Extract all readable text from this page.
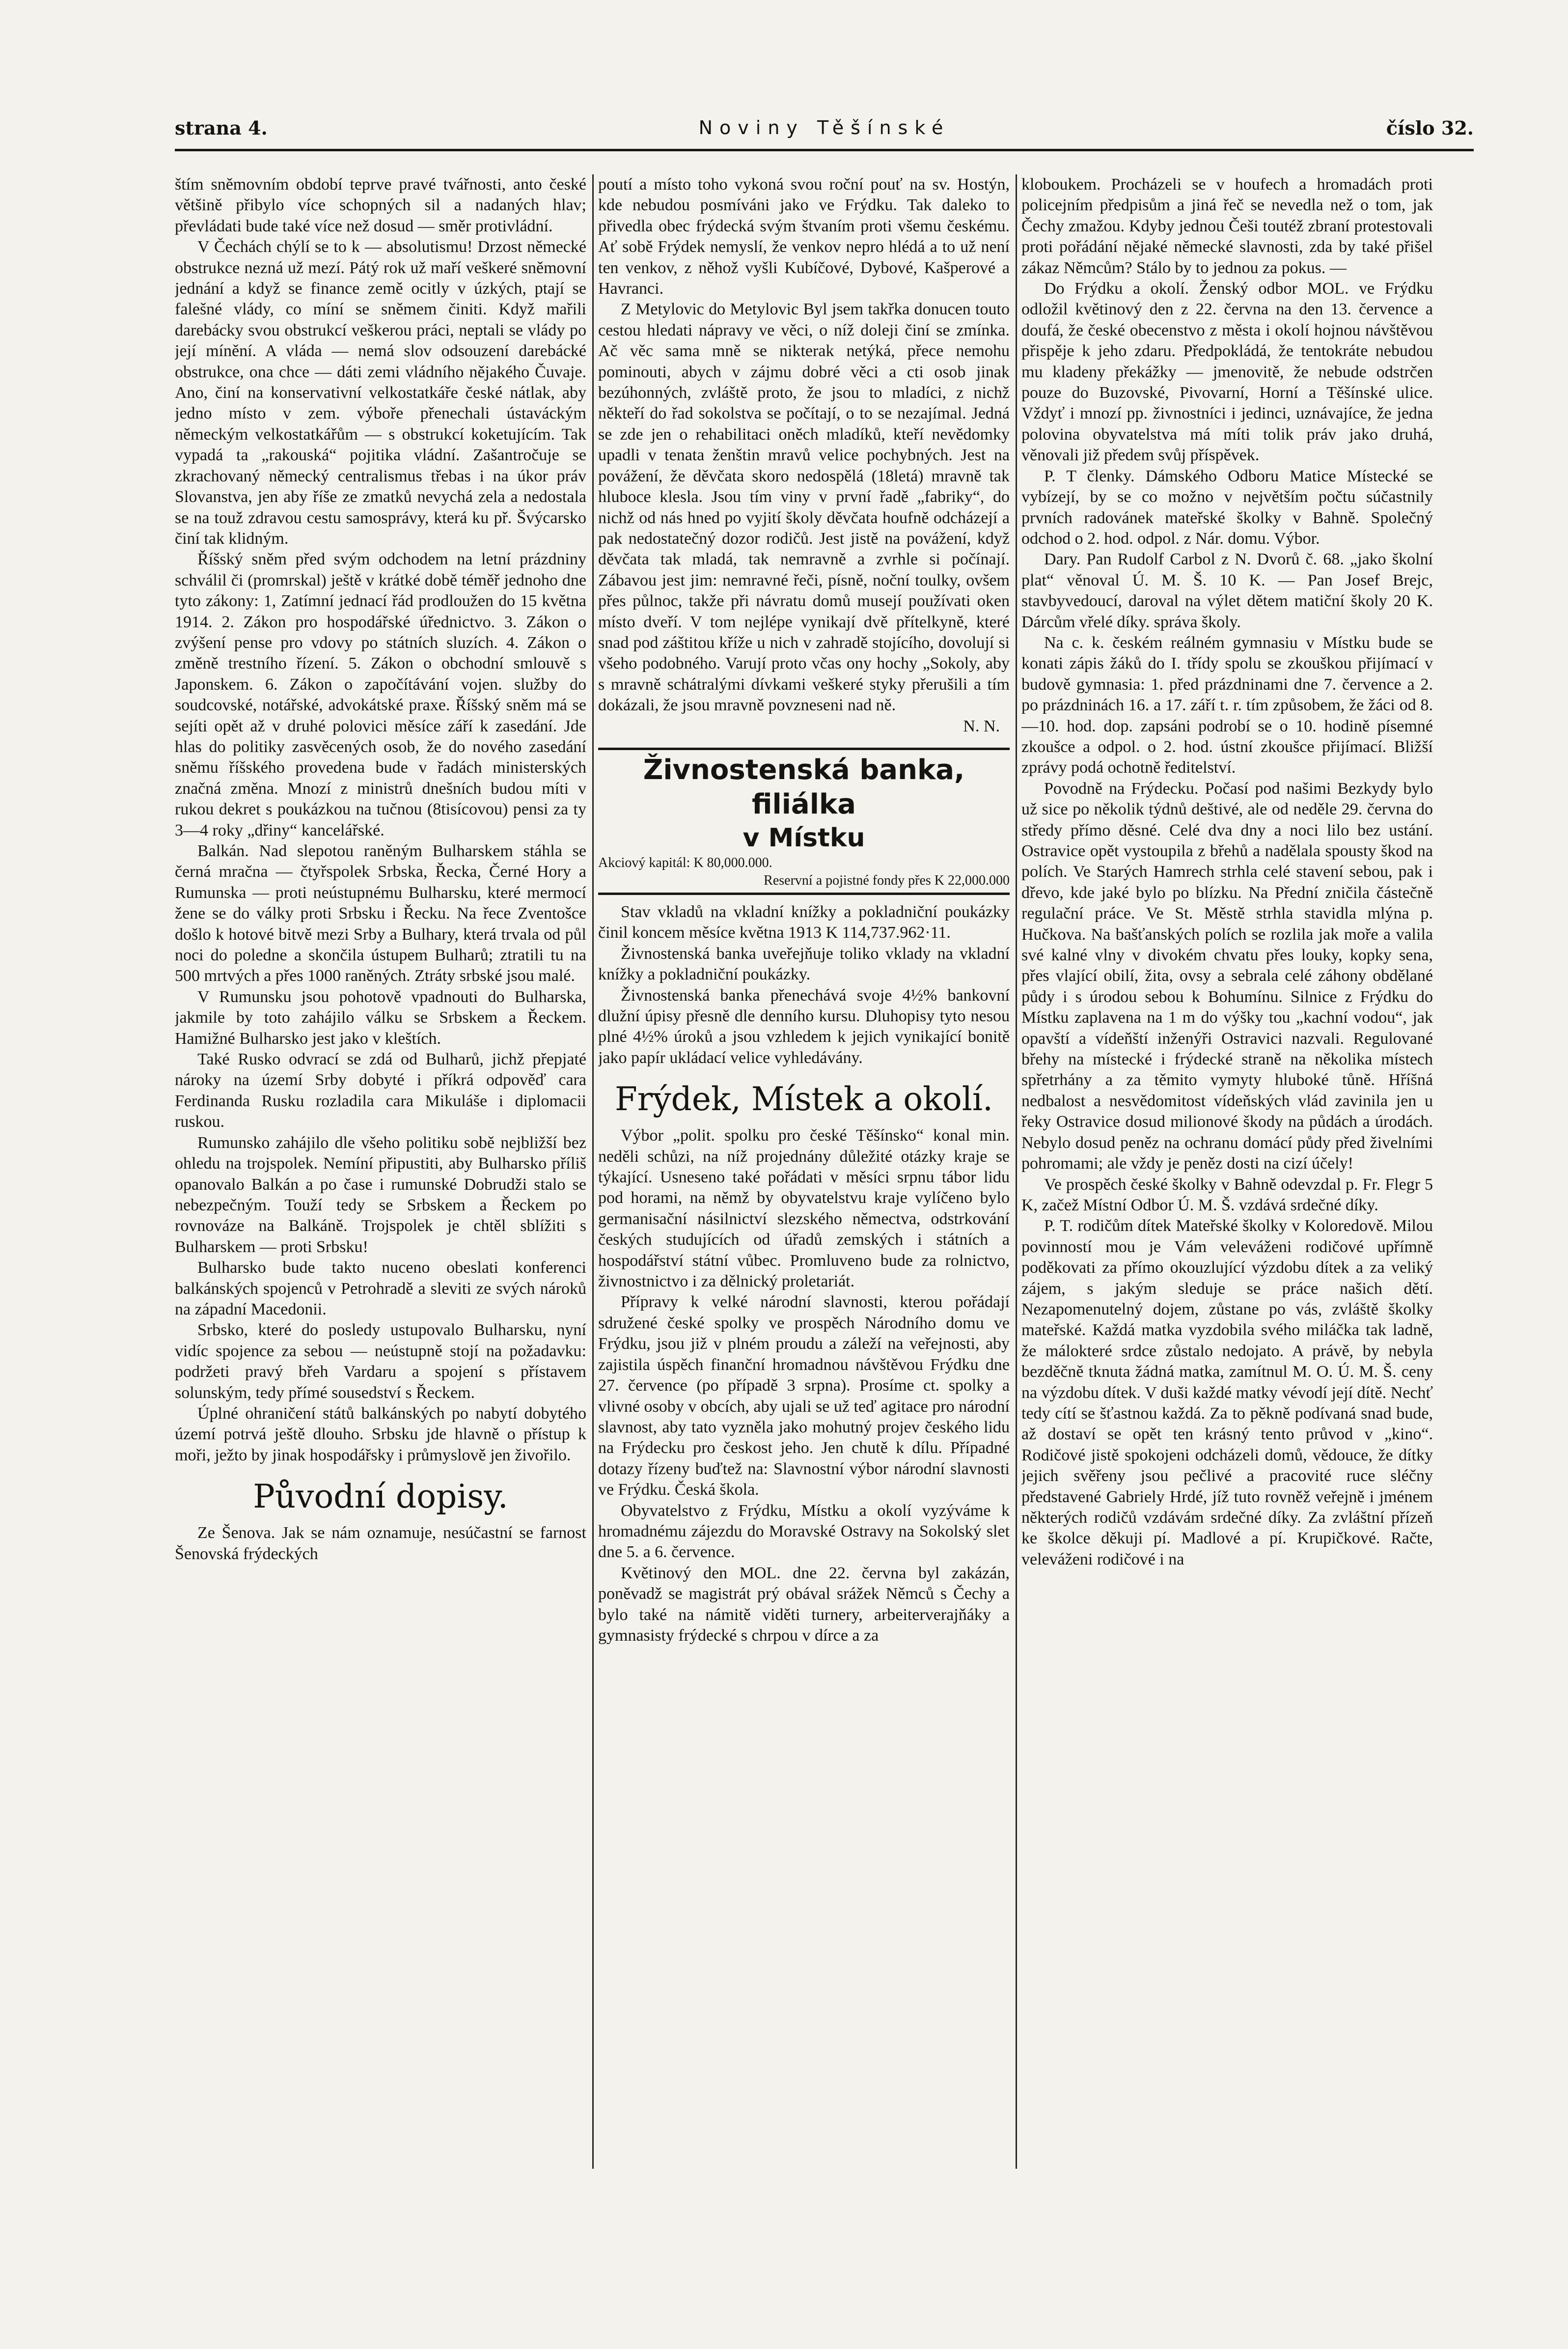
strana 4.	Noviny Těšínské	číslo 32.

štím sněmovním období teprve pravé tvářnosti, anto české většině přibylo více schopných sil a nadaných hlav; převládati bude také více než dosud — směr protivládní.

V Čechách chýlí se to k — absolutismu! Drzost německé obstrukce nezná už mezí. Pátý rok už maří veškeré sněmovní jednání a když se finance země ocitly v úzkých, ptají se falešné vlády, co míní se sněmem činiti. Když mařili darebácky svou obstrukcí veškerou práci, neptali se vlády po její mínění. A vláda — nemá slov odsouzení darebácké obstrukce, ona chce — dáti zemi vládního nějakého Čuvaje. Ano, činí na konservativní velkostatkáře české nátlak, aby jedno místo v zem. výboře přenechali ústaváckým německým velkostatkářům — s obstrukcí koketujícím. Tak vypadá ta „rakouská“ pojitika vládní. Zašantročuje se zkrachovaný německý centralismus třebas i na úkor práv Slovanstva, jen aby říše ze zmatků nevychá zela a nedostala se na touž zdravou cestu samosprávy, která ku př. Švýcarsko činí tak klidným.

Říšský sněm před svým odchodem na letní prázdniny schválil či (promrskal) ještě v krátké době téměř jednoho dne tyto zákony: 1, Zatímní jednací řád prodloužen do 15 května 1914. 2. Zákon pro hospodářské úřednictvo. 3. Zákon o zvýšení pense pro vdovy po státních sluzích. 4. Zákon o změně trestního řízení. 5. Zákon o obchodní smlouvě s Japonskem. 6. Zákon o započítávání vojen. služby do soudcovské, notářské, advokátské praxe. Říšský sněm má se sejíti opět až v druhé polovici měsíce září k zasedání. Jde hlas do politiky zasvěcených osob, že do nového zasedání sněmu říšského provedena bude v řadách ministerských značná změna. Mnozí z ministrů dnešních budou míti v rukou dekret s poukázkou na tučnou (8tisícovou) pensi za ty 3—4 roky „dřiny“ kancelářské.

Balkán. Nad slepotou raněným Bulharskem stáhla se černá mračna — čtyřspolek Srbska, Řecka, Černé Hory a Rumunska — proti neústupnému Bulharsku, které mermocí žene se do války proti Srbsku i Řecku. Na řece Zventošce došlo k hotové bitvě mezi Srby a Bulhary, která trvala od půl noci do poledne a skončila ústupem Bulharů; ztratili tu na 500 mrtvých a přes 1000 raněných. Ztráty srbské jsou malé.

V Rumunsku jsou pohotově vpadnouti do Bulharska, jakmile by toto zahájilo válku se Srbskem a Řeckem. Hamižné Bulharsko jest jako v kleštích.

Také Rusko odvrací se zdá od Bulharů, jichž přepjaté nároky na území Srby dobyté i příkrá odpověď cara Ferdinanda Rusku rozladila cara Mikuláše i diplomacii ruskou.

Rumunsko zahájilo dle všeho politiku sobě nejbližší bez ohledu na trojspolek. Nemíní připustiti, aby Bulharsko příliš opanovalo Balkán a po čase i rumunské Dobrudži stalo se nebezpečným. Touží tedy se Srbskem a Řeckem po rovnováze na Balkáně. Trojspolek je chtěl sblížiti s Bulharskem — proti Srbsku!

Bulharsko bude takto nuceno obeslati konferenci balkánských spojenců v Petrohradě a sleviti ze svých nároků na západní Macedonii.

Srbsko, které do posledy ustupovalo Bulharsku, nyní vidíc spojence za sebou — neústupně stojí na požadavku: podržeti pravý břeh Vardaru a spojení s přístavem solunským, tedy přímé sousedství s Řeckem.

Úplné ohraničení států balkánských po nabytí dobytého území potrvá ještě dlouho. Srbsku jde hlavně o přístup k moři, ježto by jinak hospodářsky i průmyslově jen živořilo.

Původní dopisy.

Ze Šenova. Jak se nám oznamuje, nesúčastní se farnost Šenovská frýdeckých

poutí a místo toho vykoná svou roční pouť na sv. Hostýn, kde nebudou posmíváni jako ve Frýdku. Tak daleko to přivedla obec frýdecká svým štvaním proti všemu českému. Ať sobě Frýdek nemyslí, že venkov nepro hlédá a to už není ten venkov, z něhož vyšli Kubíčové, Dybové, Kašperové a Havranci.

Z Metylovic do Metylovic Byl jsem takřka donucen touto cestou hledati nápravy ve věci, o níž doleji činí se zmínka. Ač věc sama mně se nikterak netýká, přece nemohu pominouti, abych v zájmu dobré věci a cti osob jinak bezúhonných, zvláště proto, že jsou to mladíci, z nichž někteří do řad sokolstva se počítají, o to se nezajímal. Jedná se zde jen o rehabilitaci oněch mladíků, kteří nevědomky upadli v tenata ženštin mravů velice pochybných. Jest na povážení, že děvčata skoro nedospělá (18letá) mravně tak hluboce klesla. Jsou tím viny v první řadě „fabriky“, do nichž od nás hned po vyjití školy děvčata houfně odcházejí a pak nedostatečný dozor rodičů. Jest jistě na povážení, když děvčata tak mladá, tak nemravně a zvrhle si počínají. Zábavou jest jim: nemravné řeči, písně, noční toulky, ovšem přes půlnoc, takže při návratu domů musejí používati oken místo dveří. V tom nejlépe vynikají dvě přítelkyně, které snad pod záštitou kříže u nich v zahradě stojícího, dovolují si všeho podobného. Varují proto včas ony hochy „Sokoly, aby s mravně schátralými dívkami veškeré styky přerušili a tím dokázali, že jsou mravně povzneseni nad ně.

N. N.

Živnostenská banka, filiálka
v Místku
Akciový kapitál: K 80,000.000.
Reservní a pojistné fondy přes K 22,000.000

Stav vkladů na vkladní knížky a pokladniční poukázky činil koncem měsíce května 1913 K 114,737.962·11.

Živnostenská banka uveřejňuje toliko vklady na vkladní knížky a pokladniční poukázky.

Živnostenská banka přenechává svoje 4½% bankovní dlužní úpisy přesně dle denního kursu. Dluhopisy tyto nesou plné 4½% úroků a jsou vzhledem k jejich vynikající bonitě jako papír ukládací velice vyhledávány.

Frýdek, Místek a okolí.

Výbor „polit. spolku pro české Těšínsko“ konal min. neděli schůzi, na níž projednány důležité otázky kraje se týkající. Usneseno také pořádati v měsíci srpnu tábor lidu pod horami, na němž by obyvatelstvu kraje vylíčeno bylo germanisační násilnictví slezského němectva, odstrkování českých studujících od úřadů zemských i státních a hospodářství státní vůbec. Promluveno bude za rolnictvo, živnostnictvo i za dělnický proletariát.

Přípravy k velké národní slavnosti, kterou pořádají sdružené české spolky ve prospěch Národního domu ve Frýdku, jsou již v plném proudu a záleží na veřejnosti, aby zajistila úspěch finanční hromadnou návštěvou Frýdku dne 27. července (po případě 3 srpna). Prosíme ct. spolky a vlivné osoby v obcích, aby ujali se už teď agitace pro národní slavnost, aby tato vyzněla jako mohutný projev českého lidu na Frýdecku pro českost jeho. Jen chutě k dílu. Případné dotazy řízeny buďtež na: Slavnostní výbor národní slavnosti ve Frýdku. Česká škola.

Obyvatelstvo z Frýdku, Místku a okolí vyzýváme k hromadnému zájezdu do Moravské Ostravy na Sokolský slet dne 5. a 6. července.

Květinový den MOL. dne 22. června byl zakázán, poněvadž se magistrát prý obával srážek Němců s Čechy a bylo také na námitě viděti turnery, arbeiterverajňáky a gymnasisty frýdecké s chrpou v dírce a za

kloboukem. Procházeli se v houfech a hromadách proti policejním předpisům a jiná řeč se nevedla než o tom, jak Čechy zmažou. Kdyby jednou Češi toutéž zbraní protestovali proti pořádání nějaké německé slavnosti, zda by také přišel zákaz Němcům? Stálo by to jednou za pokus. —

Do Frýdku a okolí. Ženský odbor MOL. ve Frýdku odložil květinový den z 22. června na den 13. července a doufá, že české obecenstvo z města i okolí hojnou návštěvou přispěje k jeho zdaru. Předpokládá, že tentokráte nebudou mu kladeny překážky — jmenovitě, že nebude odstrčen pouze do Buzovské, Pivovarní, Horní a Těšínské ulice. Vždyť i mnozí pp. živnostníci i jedinci, uznávajíce, že jedna polovina obyvatelstva má míti tolik práv jako druhá, věnovali již předem svůj příspěvek.

P. T členky. Dámského Odboru Matice Místecké se vybízejí, by se co možno v největším počtu súčastnily prvních radovánek mateřské školky v Bahně. Společný odchod o 2. hod. odpol. z Nár. domu. Výbor.

Dary. Pan Rudolf Carbol z N. Dvorů č. 68. „jako školní plat“ věnoval Ú. M. Š. 10 K. — Pan Josef Brejc, stavbyvedoucí, daroval na výlet dětem matiční školy 20 K. Dárcům vřelé díky. správa školy.

Na c. k. českém reálném gymnasiu v Místku bude se konati zápis žáků do I. třídy spolu se zkouškou přijímací v budově gymnasia: 1. před prázdninami dne 7. července a 2. po prázdninách 16. a 17. září t. r. tím způsobem, že žáci od 8.—10. hod. dop. zapsáni podrobí se o 10. hodině písemné zkoušce a odpol. o 2. hod. ústní zkoušce přijímací. Bližší zprávy podá ochotně ředitelství.

Povodně na Frýdecku. Počasí pod našimi Bezkydy bylo už sice po několik týdnů deštivé, ale od neděle 29. června do středy přímo děsné. Celé dva dny a noci lilo bez ustání. Ostravice opět vystoupila z břehů a nadělala spousty škod na polích. Ve Starých Hamrech strhla celé stavení sebou, pak i dřevo, kde jaké bylo po blízku. Na Přední zničila částečně regulační práce. Ve St. Městě strhla stavidla mlýna p. Hučkova. Na bašťanských polích se rozlila jak moře a valila své kalné vlny v divokém chvatu přes louky, kopky sena, přes vlající obilí, žita, ovsy a sebrala celé záhony obdělané půdy i s úrodou sebou k Bohumínu. Silnice z Frýdku do Místku zaplavena na 1 m do výšky tou „kachní vodou“, jak opavští a vídeňští inženýři Ostravici nazvali. Regulované břehy na místecké i frýdecké straně na několika místech spřetrhány a za těmito vymyty hluboké tůně. Hříšná nedbalost a nesvědomitost vídeňských vlád zavinila jen u řeky Ostravice dosud milionové škody na půdách a úrodách. Nebylo dosud peněz na ochranu domácí půdy před živelními pohromami; ale vždy je peněz dosti na cizí účely!

Ve prospěch české školky v Bahně odevzdal p. Fr. Flegr 5 K, začež Místní Odbor Ú. M. Š. vzdává srdečné díky.

P. T. rodičům dítek Mateřské školky v Koloredově. Milou povinností mou je Vám veleváženi rodičové upřímně poděkovati za přímo okouzlující výzdobu dítek a za veliký zájem, s jakým sleduje se práce našich dětí. Nezapomenutelný dojem, zůstane po vás, zvláště školky mateřské. Každá matka vyzdobila svého miláčka tak ladně, že málokteré srdce zůstalo nedojato. A právě, by nebyla bezděčně tknuta žádná matka, zamítnul M. O. Ú. M. Š. ceny na výzdobu dítek. V duši každé matky vévodí její dítě. Nechť tedy cítí se šťastnou každá. Za to pěkně podívaná snad bude, až dostaví se opět ten krásný tento průvod v „kino“. Rodičové jistě spokojeni odcházeli domů, vědouce, že dítky jejich svěřeny jsou pečlivé a pracovité ruce sléčny představené Gabriely Hrdé, jíž tuto rovněž veřejně i jménem některých rodičů vzdávám srdečné díky. Za zvláštní přízeň ke školce děkuji pí. Madlové a pí. Krupičkové. Račte, veleváženi rodičové i na
